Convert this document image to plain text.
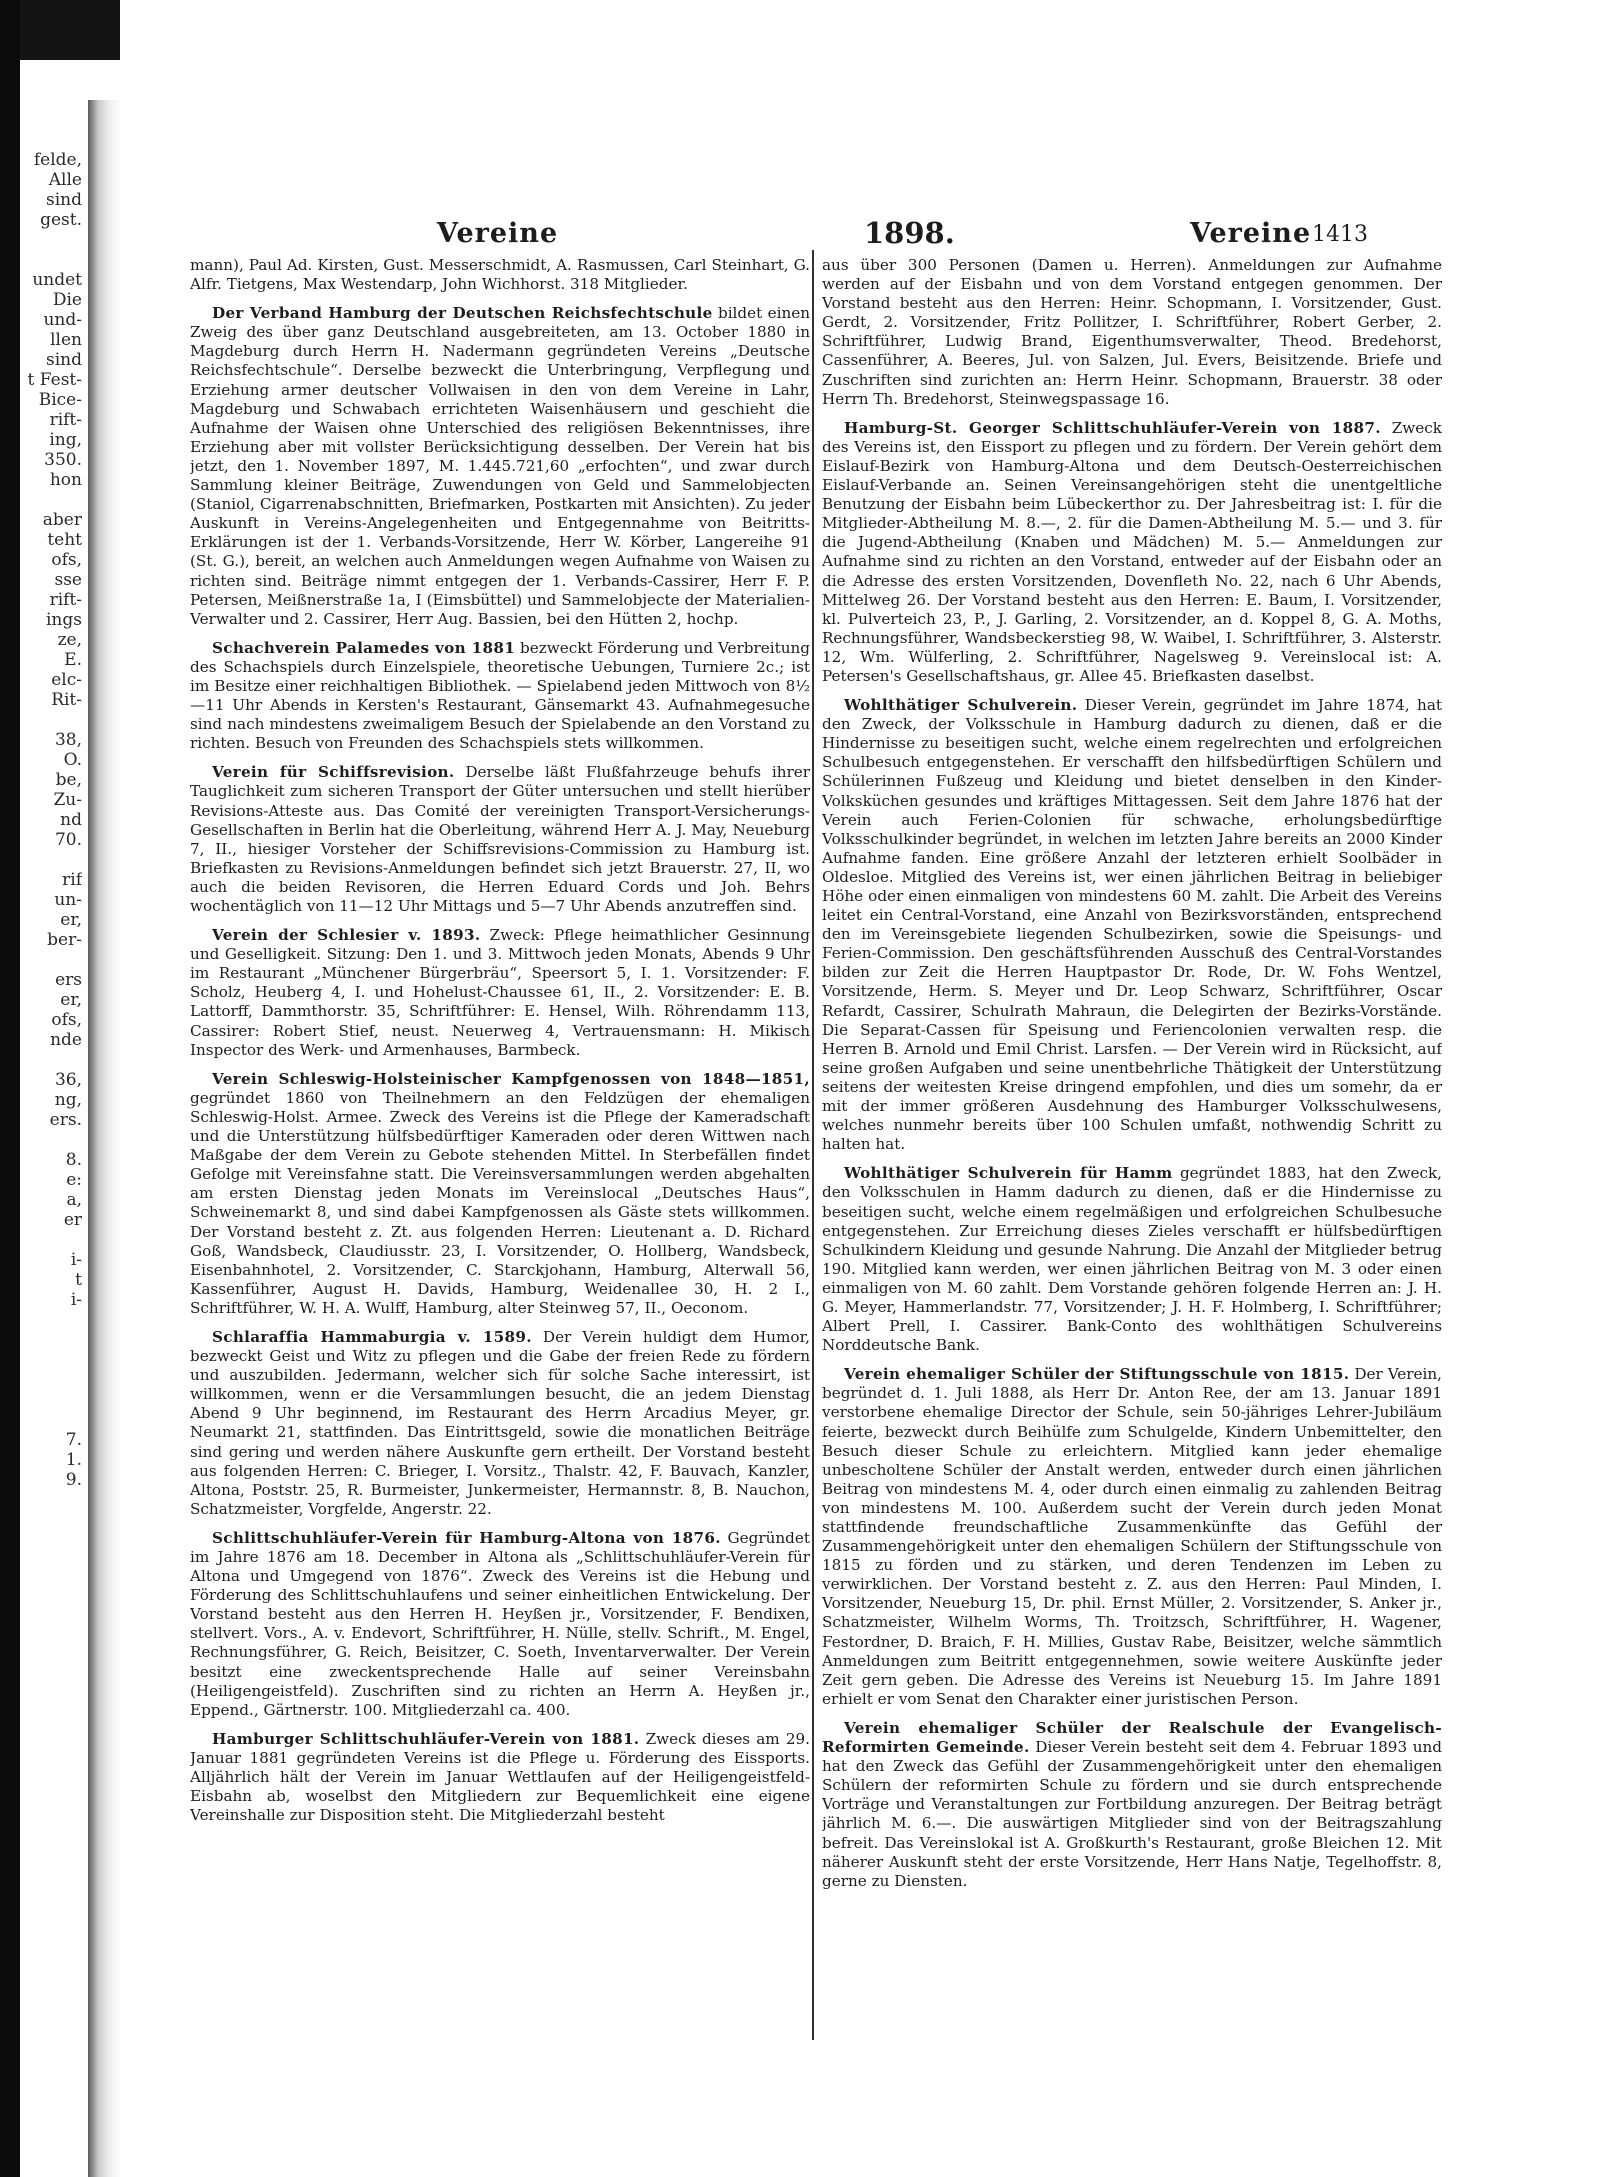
felde,
Alle
sind
gest.
undet
Die
und-
llen
sind
t Fest-
Bice-
rift-
ing,
350.
hon
aber
teht
ofs,
sse
rift-
ings
ze,
E.
elc-
Rit-
38,
O.
be,
Zu-
nd
70.
rif
un-
er,
ber-
ers
er,
ofs,
nde
36,
ng,
ers.
8.
e:
a,
er
i-
t
i-
7.
1.
9.
Vereine	1898.	Vereine 1413

mann), Paul Ad. Kirsten, Gust. Messerschmidt, A. Rasmussen, Carl Steinhart, G. Alfr. Tietgens, Max Westendarp, John Wichhorst. 318 Mitglieder.

Der Verband Hamburg der Deutschen Reichsfechtschule bildet einen Zweig des über ganz Deutschland ausgebreiteten, am 13. October 1880 in Magdeburg durch Herrn H. Nadermann gegründeten Vereins „Deutsche Reichsfechtschule“. Derselbe bezweckt die Unterbringung, Verpflegung und Erziehung armer deutscher Vollwaisen in den von dem Vereine in Lahr, Magdeburg und Schwabach errichteten Waisenhäusern und geschieht die Aufnahme der Waisen ohne Unterschied des religiösen Bekenntnisses, ihre Erziehung aber mit vollster Berücksichtigung desselben. Der Verein hat bis jetzt, den 1. November 1897, M. 1.445.721,60 „erfochten“, und zwar durch Sammlung kleiner Beiträge, Zuwendungen von Geld und Sammelobjecten (Staniol, Cigarrenabschnitten, Briefmarken, Postkarten mit Ansichten). Zu jeder Auskunft in Vereins-Angelegenheiten und Entgegennahme von Beitritts-Erklärungen ist der 1. Verbands-Vorsitzende, Herr W. Körber, Langereihe 91 (St. G.), bereit, an welchen auch Anmeldungen wegen Aufnahme von Waisen zu richten sind. Beiträge nimmt entgegen der 1. Verbands-Cassirer, Herr F. P. Petersen, Meißnerstraße 1a, I (Eimsbüttel) und Sammelobjecte der Materialien-Verwalter und 2. Cassirer, Herr Aug. Bassien, bei den Hütten 2, hochp.

Schachverein Palamedes von 1881 bezweckt Förderung und Verbreitung des Schachspiels durch Einzelspiele, theoretische Uebungen, Turniere 2c.; ist im Besitze einer reichhaltigen Bibliothek. — Spielabend jeden Mittwoch von 8½—11 Uhr Abends in Kersten's Restaurant, Gänsemarkt 43. Aufnahmegesuche sind nach mindestens zweimaligem Besuch der Spielabende an den Vorstand zu richten. Besuch von Freunden des Schachspiels stets willkommen.

Verein für Schiffsrevision. Derselbe läßt Flußfahrzeuge behufs ihrer Tauglichkeit zum sicheren Transport der Güter untersuchen und stellt hierüber Revisions-Atteste aus. Das Comité der vereinigten Transport-Versicherungs-Gesellschaften in Berlin hat die Oberleitung, während Herr A. J. May, Neueburg 7, II., hiesiger Vorsteher der Schiffsrevisions-Commission zu Hamburg ist. Briefkasten zu Revisions-Anmeldungen befindet sich jetzt Brauerstr. 27, II, wo auch die beiden Revisoren, die Herren Eduard Cords und Joh. Behrs wochentäglich von 11—12 Uhr Mittags und 5—7 Uhr Abends anzutreffen sind.

Verein der Schlesier v. 1893. Zweck: Pflege heimathlicher Gesinnung und Geselligkeit. Sitzung: Den 1. und 3. Mittwoch jeden Monats, Abends 9 Uhr im Restaurant „Münchener Bürgerbräu“, Speersort 5, I. 1. Vorsitzender: F. Scholz, Heuberg 4, I. und Hohelust-Chaussee 61, II., 2. Vorsitzender: E. B. Lattorff, Dammthorstr. 35, Schriftführer: E. Hensel, Wilh. Röhrendamm 113, Cassirer: Robert Stief, neust. Neuerweg 4, Vertrauensmann: H. Mikisch Inspector des Werk- und Armenhauses, Barmbeck.

Verein Schleswig-Holsteinischer Kampfgenossen von 1848—1851, gegründet 1860 von Theilnehmern an den Feldzügen der ehemaligen Schleswig-Holst. Armee. Zweck des Vereins ist die Pflege der Kameradschaft und die Unterstützung hülfsbedürftiger Kameraden oder deren Wittwen nach Maßgabe der dem Verein zu Gebote stehenden Mittel. In Sterbefällen findet Gefolge mit Vereinsfahne statt. Die Vereinsversammlungen werden abgehalten am ersten Dienstag jeden Monats im Vereinslocal „Deutsches Haus“, Schweinemarkt 8, und sind dabei Kampfgenossen als Gäste stets willkommen. Der Vorstand besteht z. Zt. aus folgenden Herren: Lieutenant a. D. Richard Goß, Wandsbeck, Claudiusstr. 23, I. Vorsitzender, O. Hollberg, Wandsbeck, Eisenbahnhotel, 2. Vorsitzender, C. Starckjohann, Hamburg, Alterwall 56, Kassenführer, August H. Davids, Hamburg, Weidenallee 30, H. 2 I., Schriftführer, W. H. A. Wulff, Hamburg, alter Steinweg 57, II., Oeconom.

Schlaraffia Hammaburgia v. 1589. Der Verein huldigt dem Humor, bezweckt Geist und Witz zu pflegen und die Gabe der freien Rede zu fördern und auszubilden. Jedermann, welcher sich für solche Sache interessirt, ist willkommen, wenn er die Versammlungen besucht, die an jedem Dienstag Abend 9 Uhr beginnend, im Restaurant des Herrn Arcadius Meyer, gr. Neumarkt 21, stattfinden. Das Eintrittsgeld, sowie die monatlichen Beiträge sind gering und werden nähere Auskunfte gern ertheilt. Der Vorstand besteht aus folgenden Herren: C. Brieger, I. Vorsitz., Thalstr. 42, F. Bauvach, Kanzler, Altona, Poststr. 25, R. Burmeister, Junkermeister, Hermannstr. 8, B. Nauchon, Schatzmeister, Vorgfelde, Angerstr. 22.

Schlittschuhläufer-Verein für Hamburg-Altona von 1876. Gegründet im Jahre 1876 am 18. December in Altona als „Schlittschuhläufer-Verein für Altona und Umgegend von 1876“. Zweck des Vereins ist die Hebung und Förderung des Schlittschuhlaufens und seiner einheitlichen Entwickelung. Der Vorstand besteht aus den Herren H. Heyßen jr., Vorsitzender, F. Bendixen, stellvert. Vors., A. v. Endevort, Schriftführer, H. Nülle, stellv. Schrift., M. Engel, Rechnungsführer, G. Reich, Beisitzer, C. Soeth, Inventarverwalter. Der Verein besitzt eine zweckentsprechende Halle auf seiner Vereinsbahn (Heiligengeistfeld). Zuschriften sind zu richten an Herrn A. Heyßen jr., Eppend., Gärtnerstr. 100. Mitgliederzahl ca. 400.

Hamburger Schlittschuhläufer-Verein von 1881. Zweck dieses am 29. Januar 1881 gegründeten Vereins ist die Pflege u. Förderung des Eissports. Alljährlich hält der Verein im Januar Wettlaufen auf der Heiligengeistfeld-Eisbahn ab, woselbst den Mitgliedern zur Bequemlichkeit eine eigene Vereinshalle zur Disposition steht. Die Mitgliederzahl besteht

aus über 300 Personen (Damen u. Herren). Anmeldungen zur Aufnahme werden auf der Eisbahn und von dem Vorstand entgegen genommen. Der Vorstand besteht aus den Herren: Heinr. Schopmann, I. Vorsitzender, Gust. Gerdt, 2. Vorsitzender, Fritz Pollitzer, I. Schriftführer, Robert Gerber, 2. Schriftführer, Ludwig Brand, Eigenthumsverwalter, Theod. Bredehorst, Cassenführer, A. Beeres, Jul. von Salzen, Jul. Evers, Beisitzende. Briefe und Zuschriften sind zurichten an: Herrn Heinr. Schopmann, Brauerstr. 38 oder Herrn Th. Bredehorst, Steinwegspassage 16.

Hamburg-St. Georger Schlittschuhläufer-Verein von 1887. Zweck des Vereins ist, den Eissport zu pflegen und zu fördern. Der Verein gehört dem Eislauf-Bezirk von Hamburg-Altona und dem Deutsch-Oesterreichischen Eislauf-Verbande an. Seinen Vereinsangehörigen steht die unentgeltliche Benutzung der Eisbahn beim Lübeckerthor zu. Der Jahresbeitrag ist: I. für die Mitglieder-Abtheilung M. 8.—, 2. für die Damen-Abtheilung M. 5.— und 3. für die Jugend-Abtheilung (Knaben und Mädchen) M. 5.— Anmeldungen zur Aufnahme sind zu richten an den Vorstand, entweder auf der Eisbahn oder an die Adresse des ersten Vorsitzenden, Dovenfleth No. 22, nach 6 Uhr Abends, Mittelweg 26. Der Vorstand besteht aus den Herren: E. Baum, I. Vorsitzender, kl. Pulverteich 23, P., J. Garling, 2. Vorsitzender, an d. Koppel 8, G. A. Moths, Rechnungsführer, Wandsbeckerstieg 98, W. Waibel, I. Schriftführer, 3. Alsterstr. 12, Wm. Wülferling, 2. Schriftführer, Nagelsweg 9. Vereinslocal ist: A. Petersen's Gesellschaftshaus, gr. Allee 45. Briefkasten daselbst.

Wohlthätiger Schulverein. Dieser Verein, gegründet im Jahre 1874, hat den Zweck, der Volksschule in Hamburg dadurch zu dienen, daß er die Hindernisse zu beseitigen sucht, welche einem regelrechten und erfolgreichen Schulbesuch entgegenstehen. Er verschafft den hilfsbedürftigen Schülern und Schülerinnen Fußzeug und Kleidung und bietet denselben in den Kinder-Volksküchen gesundes und kräftiges Mittagessen. Seit dem Jahre 1876 hat der Verein auch Ferien-Colonien für schwache, erholungsbedürftige Volksschulkinder begründet, in welchen im letzten Jahre bereits an 2000 Kinder Aufnahme fanden. Eine größere Anzahl der letzteren erhielt Soolbäder in Oldesloe. Mitglied des Vereins ist, wer einen jährlichen Beitrag in beliebiger Höhe oder einen einmaligen von mindestens 60 M. zahlt. Die Arbeit des Vereins leitet ein Central-Vorstand, eine Anzahl von Bezirksvorständen, entsprechend den im Vereinsgebiete liegenden Schulbezirken, sowie die Speisungs- und Ferien-Commission. Den geschäftsführenden Ausschuß des Central-Vorstandes bilden zur Zeit die Herren Hauptpastor Dr. Rode, Dr. W. Fohs Wentzel, Vorsitzende, Herm. S. Meyer und Dr. Leop Schwarz, Schriftführer, Oscar Refardt, Cassirer, Schulrath Mahraun, die Delegirten der Bezirks-Vorstände. Die Separat-Cassen für Speisung und Feriencolonien verwalten resp. die Herren B. Arnold und Emil Christ. Larsfen. — Der Verein wird in Rücksicht, auf seine großen Aufgaben und seine unentbehrliche Thätigkeit der Unterstützung seitens der weitesten Kreise dringend empfohlen, und dies um somehr, da er mit der immer größeren Ausdehnung des Hamburger Volksschulwesens, welches nunmehr bereits über 100 Schulen umfaßt, nothwendig Schritt zu halten hat.

Wohlthätiger Schulverein für Hamm gegründet 1883, hat den Zweck, den Volksschulen in Hamm dadurch zu dienen, daß er die Hindernisse zu beseitigen sucht, welche einem regelmäßigen und erfolgreichen Schulbesuche entgegenstehen. Zur Erreichung dieses Zieles verschafft er hülfsbedürftigen Schulkindern Kleidung und gesunde Nahrung. Die Anzahl der Mitglieder betrug 190. Mitglied kann werden, wer einen jährlichen Beitrag von M. 3 oder einen einmaligen von M. 60 zahlt. Dem Vorstande gehören folgende Herren an: J. H. G. Meyer, Hammerlandstr. 77, Vorsitzender; J. H. F. Holmberg, I. Schriftführer; Albert Prell, I. Cassirer. Bank-Conto des wohlthätigen Schulvereins Norddeutsche Bank.

Verein ehemaliger Schüler der Stiftungsschule von 1815. Der Verein, begründet d. 1. Juli 1888, als Herr Dr. Anton Ree, der am 13. Januar 1891 verstorbene ehemalige Director der Schule, sein 50-jähriges Lehrer-Jubiläum feierte, bezweckt durch Beihülfe zum Schulgelde, Kindern Unbemittelter, den Besuch dieser Schule zu erleichtern. Mitglied kann jeder ehemalige unbescholtene Schüler der Anstalt werden, entweder durch einen jährlichen Beitrag von mindestens M. 4, oder durch einen einmalig zu zahlenden Beitrag von mindestens M. 100. Außerdem sucht der Verein durch jeden Monat stattfindende freundschaftliche Zusammenkünfte das Gefühl der Zusammengehörigkeit unter den ehemaligen Schülern der Stiftungsschule von 1815 zu förden und zu stärken, und deren Tendenzen im Leben zu verwirklichen. Der Vorstand besteht z. Z. aus den Herren: Paul Minden, I. Vorsitzender, Neueburg 15, Dr. phil. Ernst Müller, 2. Vorsitzender, S. Anker jr., Schatzmeister, Wilhelm Worms, Th. Troitzsch, Schriftführer, H. Wagener, Festordner, D. Braich, F. H. Millies, Gustav Rabe, Beisitzer, welche sämmtlich Anmeldungen zum Beitritt entgegennehmen, sowie weitere Auskünfte jeder Zeit gern geben. Die Adresse des Vereins ist Neueburg 15. Im Jahre 1891 erhielt er vom Senat den Charakter einer juristischen Person.

Verein ehemaliger Schüler der Realschule der Evangelisch-Reformirten Gemeinde. Dieser Verein besteht seit dem 4. Februar 1893 und hat den Zweck das Gefühl der Zusammengehörigkeit unter den ehemaligen Schülern der reformirten Schule zu fördern und sie durch entsprechende Vorträge und Veranstaltungen zur Fortbildung anzuregen. Der Beitrag beträgt jährlich M. 6.—. Die auswärtigen Mitglieder sind von der Beitragszahlung befreit. Das Vereinslokal ist A. Großkurth's Restaurant, große Bleichen 12. Mit näherer Auskunft steht der erste Vorsitzende, Herr Hans Natje, Tegelhoffstr. 8, gerne zu Diensten.
